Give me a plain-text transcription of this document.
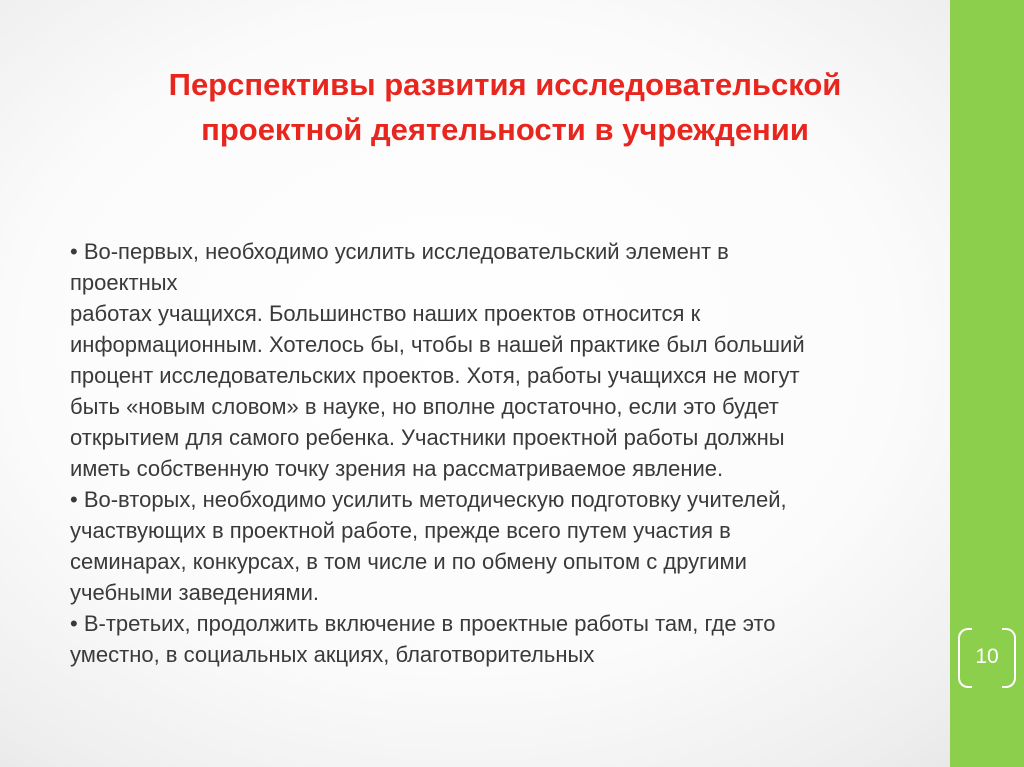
Перспективы развития исследовательской
проектной деятельности в учреждении
• Во-первых, необходимо усилить исследовательский элемент в
проектных
работах учащихся. Большинство наших проектов относится к
информационным. Хотелось бы, чтобы в нашей практике был больший
процент исследовательских проектов. Хотя, работы учащихся не могут
быть «новым словом» в науке, но вполне достаточно, если это будет
открытием для самого ребенка. Участники проектной работы должны
иметь собственную точку зрения на рассматриваемое явление.
• Во-вторых, необходимо усилить методическую подготовку учителей,
участвующих в проектной работе, прежде всего путем участия в
семинарах, конкурсах, в том числе и по обмену опытом с другими
учебными заведениями.
• В-третьих, продолжить включение в проектные работы там, где это
уместно, в социальных акциях, благотворительных	10
